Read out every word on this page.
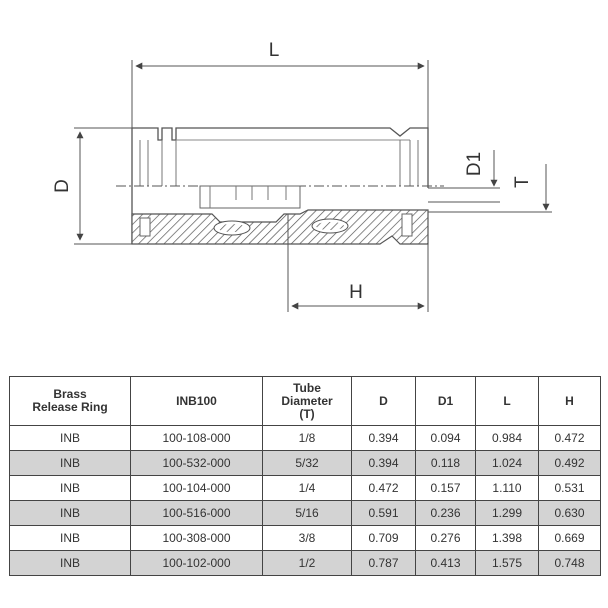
L
D
D1
T
H
Brass
Release Ring	INB100	Tube
Diameter
(T)	D	D1	L	H

INB	100-108-000	1/8	0.394	0.094	0.984	0.472
INB	100-532-000	5/32	0.394	0.118	1.024	0.492
INB	100-104-000	1/4	0.472	0.157	1.110	0.531
INB	100-516-000	5/16	0.591	0.236	1.299	0.630
INB	100-308-000	3/8	0.709	0.276	1.398	0.669
INB	100-102-000	1/2	0.787	0.413	1.575	0.748
